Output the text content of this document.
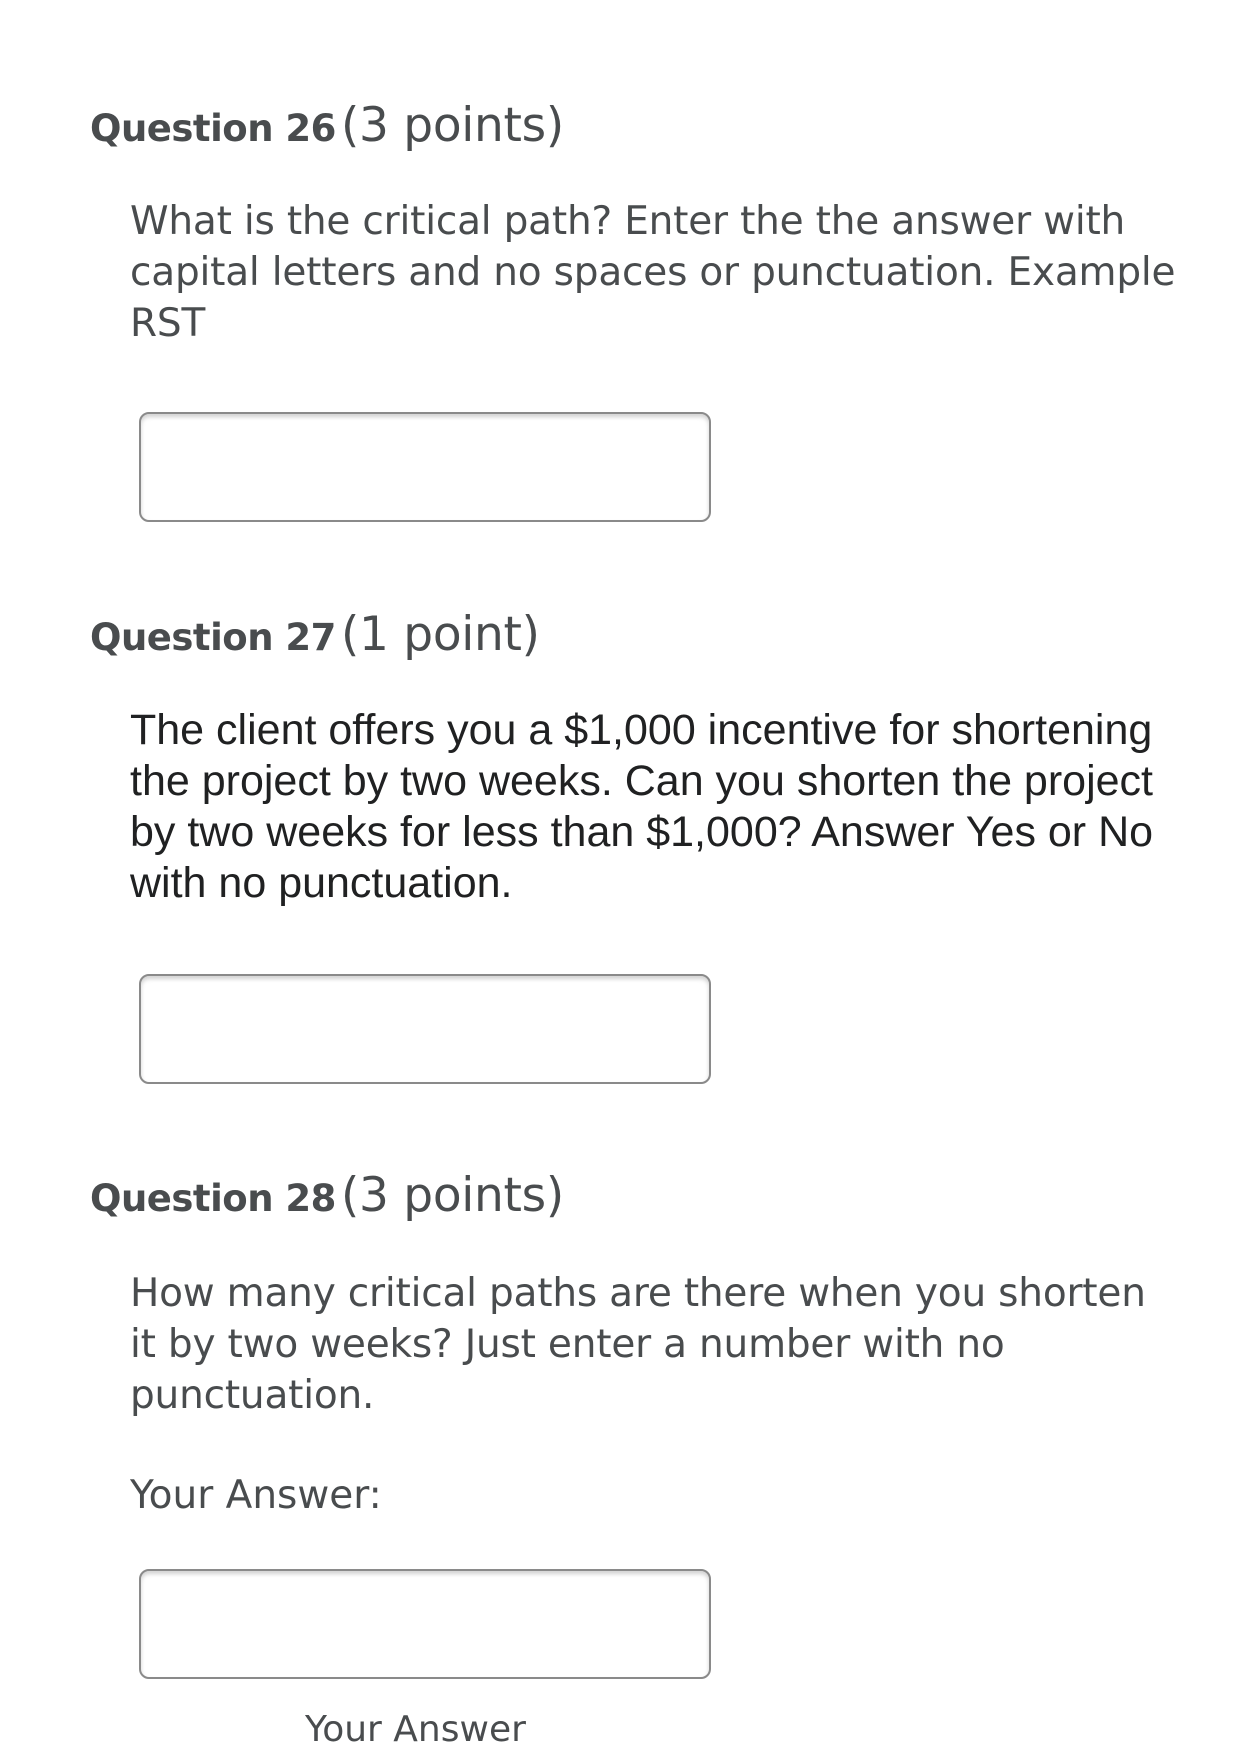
Question 26 (3 points)
What is the critical path? Enter the the answer with capital letters and no spaces or punctuation. Example RST
Question 27 (1 point)
The client offers you a $1,000 incentive for shortening the project by two weeks. Can you shorten the project by two weeks for less than $1,000? Answer Yes or No with no punctuation.
Question 28 (3 points)
How many critical paths are there when you shorten it by two weeks? Just enter a number with no punctuation.
Your Answer:
Your Answer
